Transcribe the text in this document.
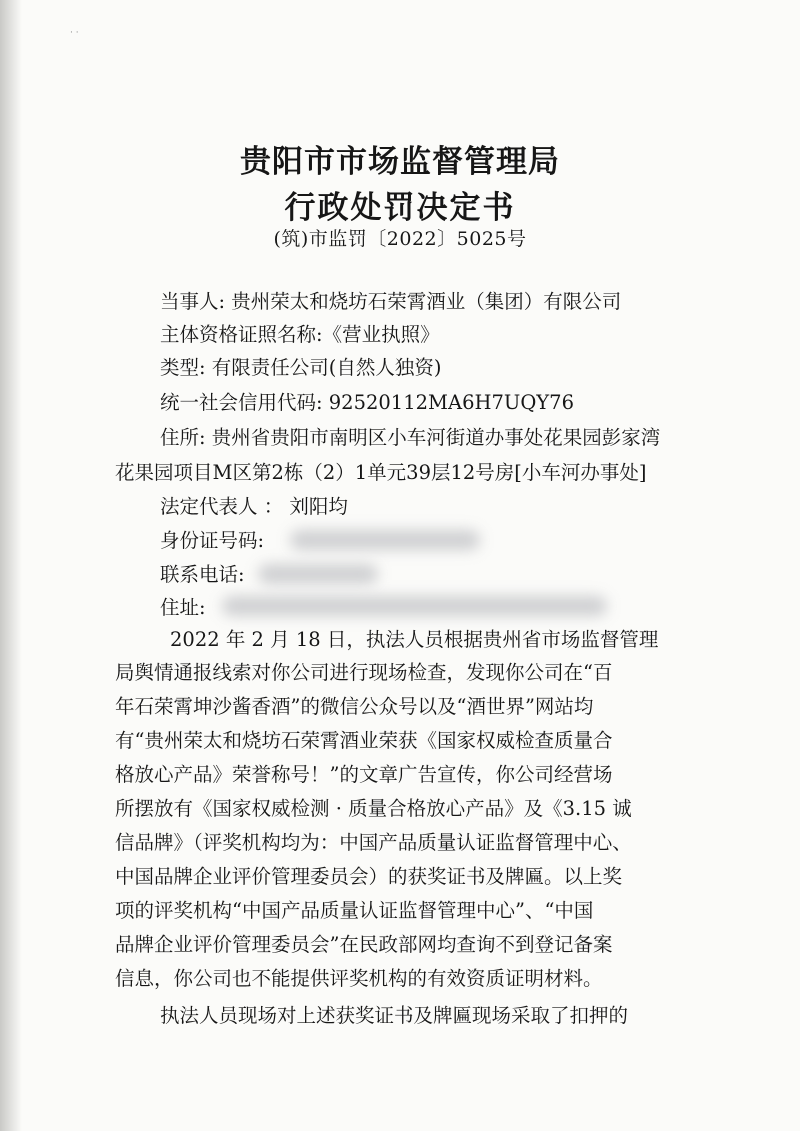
· ·
贵阳市市场监督管理局
行政处罚决定书
(筑)市监罚〔2022〕5025号
当事人: 贵州荣太和烧坊石荣霄酒业（集团）有限公司
主体资格证照名称:《营业执照》
类型: 有限责任公司(自然人独资)
统一社会信用代码: 92520112MA6H7UQY76
住所: 贵州省贵阳市南明区小车河街道办事处花果园彭家湾
花果园项目M区第2栋（2）1单元39层12号房[小车河办事处]
法定代表人 ： 刘阳均
身份证号码:
联系电话:
住址:
2022 年 2 月 18 日，执法人员根据贵州省市场监督管理
局舆情通报线索对你公司进行现场检查，发现你公司在“百
年石荣霄坤沙酱香酒”的微信公众号以及“酒世界”网站均
有“贵州荣太和烧坊石荣霄酒业荣获《国家权威检查质量合
格放心产品》荣誉称号！”的文章广告宣传，你公司经营场
所摆放有《国家权威检测 · 质量合格放心产品》及《3.15 诚
信品牌》（评奖机构均为：中国产品质量认证监督管理中心、
中国品牌企业评价管理委员会）的获奖证书及牌匾。以上奖
项的评奖机构“中国产品质量认证监督管理中心”、“中国
品牌企业评价管理委员会”在民政部网均查询不到登记备案
信息，你公司也不能提供评奖机构的有效资质证明材料。
执法人员现场对上述获奖证书及牌匾现场采取了扣押的
